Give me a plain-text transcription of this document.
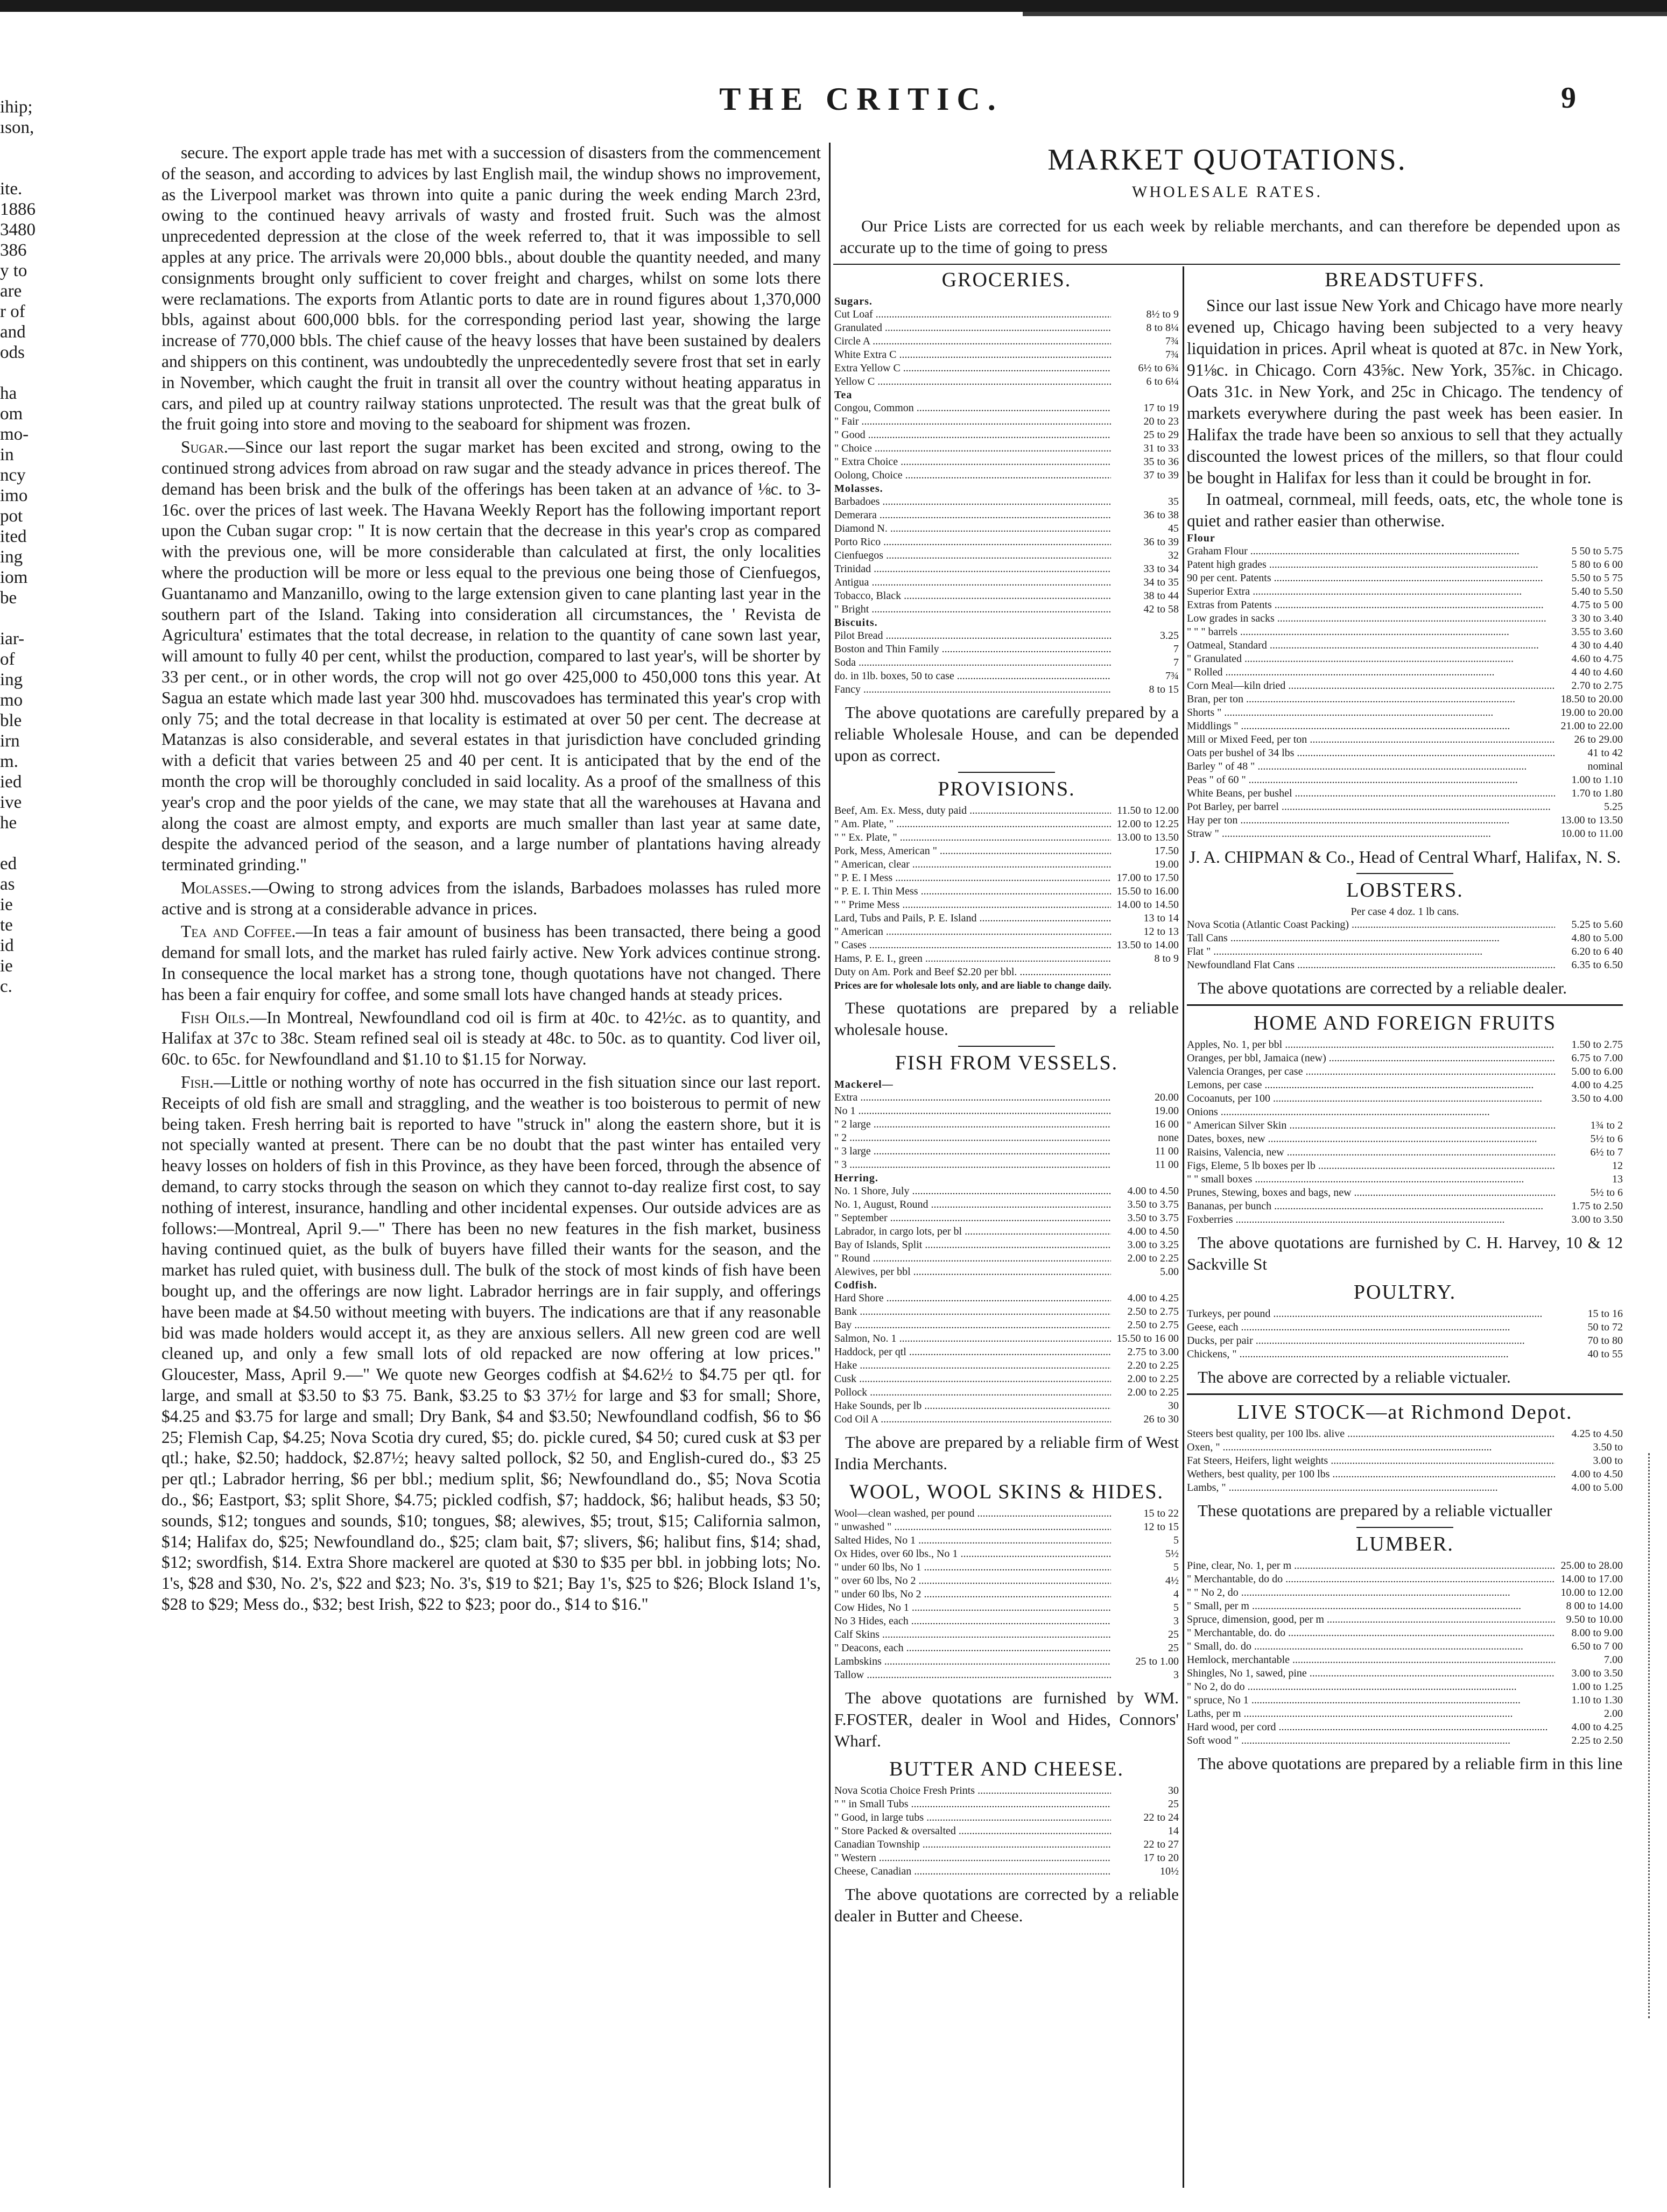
THE CRITIC.	9
ihip;
ıson,
ite.
1886
3480
386
y to
are
r of
and
ods
ha
om
mo-
in
ncy
imo
pot
ited
ing
iom
be
iar-
of
ing
mo
ble
irn
m.
ied
ive
he
ed
as
ie
te
id
ie
c.

secure. The export apple trade has met with a succession of disasters from the commencement of the season, and according to advices by last English mail, the windup shows no improvement, as the Liverpool market was thrown into quite a panic during the week ending March 23rd, owing to the continued heavy arrivals of wasty and frosted fruit. Such was the almost unprecedented depression at the close of the week referred to, that it was impossible to sell apples at any price. The arrivals were 20,000 bbls., about double the quantity needed, and many consignments brought only sufficient to cover freight and charges, whilst on some lots there were reclamations. The exports from Atlantic ports to date are in round figures about 1,370,000 bbls, against about 600,000 bbls. for the corresponding period last year, showing the large increase of 770,000 bbls. The chief cause of the heavy losses that have been sustained by dealers and shippers on this continent, was undoubtedly the unprecedentedly severe frost that set in early in November, which caught the fruit in transit all over the country without heating apparatus in cars, and piled up at country railway stations unprotected. The result was that the great bulk of the fruit going into store and moving to the seaboard for shipment was frozen.

Sugar.—Since our last report the sugar market has been excited and strong, owing to the continued strong advices from abroad on raw sugar and the steady advance in prices thereof. The demand has been brisk and the bulk of the offerings has been taken at an advance of ⅛c. to 3-16c. over the prices of last week. The Havana Weekly Report has the following important report upon the Cuban sugar crop: " It is now certain that the decrease in this year's crop as compared with the previous one, will be more considerable than calculated at first, the only localities where the production will be more or less equal to the previous one being those of Cienfuegos, Guantanamo and Manzanillo, owing to the large extension given to cane planting last year in the southern part of the Island. Taking into consideration all circumstances, the ' Revista de Agricultura' estimates that the total decrease, in relation to the quantity of cane sown last year, will amount to fully 40 per cent, whilst the production, compared to last year's, will be shorter by 33 per cent., or in other words, the crop will not go over 425,000 to 450,000 tons this year. At Sagua an estate which made last year 300 hhd. muscovadoes has terminated this year's crop with only 75; and the total decrease in that locality is estimated at over 50 per cent. The decrease at Matanzas is also considerable, and several estates in that jurisdiction have concluded grinding with a deficit that varies between 25 and 40 per cent. It is anticipated that by the end of the month the crop will be thoroughly concluded in said locality. As a proof of the smallness of this year's crop and the poor yields of the cane, we may state that all the warehouses at Havana and along the coast are almost empty, and exports are much smaller than last year at same date, despite the advanced period of the season, and a large number of plantations having already terminated grinding."

Molasses.—Owing to strong advices from the islands, Barbadoes molasses has ruled more active and is strong at a considerable advance in prices.

Tea and Coffee.—In teas a fair amount of business has been transacted, there being a good demand for small lots, and the market has ruled fairly active. New York advices continue strong. In consequence the local market has a strong tone, though quotations have not changed. There has been a fair enquiry for coffee, and some small lots have changed hands at steady prices.

Fish Oils.—In Montreal, Newfoundland cod oil is firm at 40c. to 42½c. as to quantity, and Halifax at 37c to 38c. Steam refined seal oil is steady at 48c. to 50c. as to quantity. Cod liver oil, 60c. to 65c. for Newfoundland and $1.10 to $1.15 for Norway.

Fish.—Little or nothing worthy of note has occurred in the fish situation since our last report. Receipts of old fish are small and straggling, and the weather is too boisterous to permit of new being taken. Fresh herring bait is reported to have "struck in" along the eastern shore, but it is not specially wanted at present. There can be no doubt that the past winter has entailed very heavy losses on holders of fish in this Province, as they have been forced, through the absence of demand, to carry stocks through the season on which they cannot to-day realize first cost, to say nothing of interest, insurance, handling and other incidental expenses. Our outside advices are as follows:—Montreal, April 9.—" There has been no new features in the fish market, business having continued quiet, as the bulk of buyers have filled their wants for the season, and the market has ruled quiet, with business dull. The bulk of the stock of most kinds of fish have been bought up, and the offerings are now light. Labrador herrings are in fair supply, and offerings have been made at $4.50 without meeting with buyers. The indications are that if any reasonable bid was made holders would accept it, as they are anxious sellers. All new green cod are well cleaned up, and only a few small lots of old repacked are now offering at low prices." Gloucester, Mass, April 9.—" We quote new Georges codfish at $4.62½ to $4.75 per qtl. for large, and small at $3.50 to $3 75. Bank, $3.25 to $3 37½ for large and $3 for small; Shore, $4.25 and $3.75 for large and small; Dry Bank, $4 and $3.50; Newfoundland codfish, $6 to $6 25; Flemish Cap, $4.25; Nova Scotia dry cured, $5; do. pickle cured, $4 50; cured cusk at $3 per qtl.; hake, $2.50; haddock, $2.87½; heavy salted pollock, $2 50, and English-cured do., $3 25 per qtl.; Labrador herring, $6 per bbl.; medium split, $6; Newfoundland do., $5; Nova Scotia do., $6; Eastport, $3; split Shore, $4.75; pickled codfish, $7; haddock, $6; halibut heads, $3 50; sounds, $12; tongues and sounds, $10; tongues, $8; alewives, $5; trout, $15; California salmon, $14; Halifax do, $25; Newfoundland do., $25; clam bait, $7; slivers, $6; halibut fins, $14; shad, $12; swordfish, $14. Extra Shore mackerel are quoted at $30 to $35 per bbl. in jobbing lots; No. 1's, $28 and $30, No. 2's, $22 and $23; No. 3's, $19 to $21; Bay 1's, $25 to $26; Block Island 1's, $28 to $29; Mess do., $32; best Irish, $22 to $23; poor do., $14 to $16."

MARKET QUOTATIONS.
WHOLESALE RATES.
Our Price Lists are corrected for us each week by reliable merchants, and can therefore be depended upon as accurate up to the time of going to press
GROCERIES.
Sugars.
Cut Loaf .....	8½ to 9
Granulated .....	8 to 8¼
Circle A .....	7¾
White Extra C .....	7¾
Extra Yellow C .....	6½ to 6¾
Yellow C .....	6 to 6¼
Tea
Congou, Common .....	17 to 19
" Fair .....	20 to 23
" Good .....	25 to 29
" Choice .....	31 to 33
" Extra Choice .....	35 to 36
Oolong, Choice .....	37 to 39
Molasses.
Barbadoes .....	35
Demerara .....	36 to 38
Diamond N. .....	45
Porto Rico .....	36 to 39
Cienfuegos .....	32
Trinidad .....	33 to 34
Antigua .....	34 to 35
Tobacco, Black .....	38 to 44
" Bright .....	42 to 58
Biscuits.
Pilot Bread .....	3.25
Boston and Thin Family .....	7
Soda .....	7
do. in 1lb. boxes, 50 to case .....	7¾
Fancy .....	8 to 15
The above quotations are carefully prepared by a reliable Wholesale House, and can be depended upon as correct.
PROVISIONS.
Beef, Am. Ex. Mess, duty paid .....	11.50 to 12.00
" Am. Plate, " .....	12.00 to 12.25
" " Ex. Plate, " .....	13.00 to 13.50
Pork, Mess, American " .....	17.50
" American, clear .....	19.00
" P. E. I Mess .....	17.00 to 17.50
" P. E. I. Thin Mess .....	15.50 to 16.00
" " Prime Mess .....	14.00 to 14.50
Lard, Tubs and Pails, P. E. Island .....	13 to 14
" American .....	12 to 13
" Cases .....	13.50 to 14.00
Hams, P. E. I., green .....	8 to 9
Duty on Am. Pork and Beef $2.20 per bbl. .....
Prices are for wholesale lots only, and are liable to change daily.
These quotations are prepared by a reliable wholesale house.
FISH FROM VESSELS.
Mackerel—
Extra .....	20.00
No 1 .....	19.00
" 2 large .....	16 00
" 2 .....	none
" 3 large .....	11 00
" 3 .....	11 00
Herring.
No. 1 Shore, July .....	4.00 to 4.50
No. 1, August, Round .....	3.50 to 3.75
" September .....	3.50 to 3.75
Labrador, in cargo lots, per bl .....	4.00 to 4.50
Bay of Islands, Split .....	3.00 to 3.25
" Round .....	2.00 to 2.25
Alewives, per bbl .....	5.00
Codfish.
Hard Shore .....	4.00 to 4.25
Bank .....	2.50 to 2.75
Bay .....	2.50 to 2.75
Salmon, No. 1 .....	15.50 to 16 00
Haddock, per qtl .....	2.75 to 3.00
Hake .....	2.20 to 2.25
Cusk .....	2.00 to 2.25
Pollock .....	2.00 to 2.25
Hake Sounds, per lb .....	30
Cod Oil A .....	26 to 30
The above are prepared by a reliable firm of West India Merchants.
WOOL, WOOL SKINS & HIDES.
Wool—clean washed, per pound .....	15 to 22
" unwashed " .....	12 to 15
Salted Hides, No 1 .....	5
Ox Hides, over 60 lbs., No 1 .....	5½
" under 60 lbs, No 1 .....	5
" over 60 lbs, No 2 .....	4½
" under 60 lbs, No 2 .....	4
Cow Hides, No 1 .....	5
No 3 Hides, each .....	3
Calf Skins .....	25
" Deacons, each .....	25
Lambskins .....	25 to 1.00
Tallow .....	3
The above quotations are furnished by WM. F.FOSTER, dealer in Wool and Hides, Connors' Wharf.
BUTTER AND CHEESE.
Nova Scotia Choice Fresh Prints .....	30
" " in Small Tubs .....	25
" Good, in large tubs .....	22 to 24
" Store Packed & oversalted .....	14
Canadian Township .....	22 to 27
" Western .....	17 to 20
Cheese, Canadian .....	10½
The above quotations are corrected by a reliable dealer in Butter and Cheese.
BREADSTUFFS.

Since our last issue New York and Chicago have more nearly evened up, Chicago having been subjected to a very heavy liquidation in prices. April wheat is quoted at 87c. in New York, 91⅛c. in Chicago. Corn 43⅝c. New York, 35⅞c. in Chicago. Oats 31c. in New York, and 25c in Chicago. The tendency of markets everywhere during the past week has been easier. In Halifax the trade have been so anxious to sell that they actually discounted the lowest prices of the millers, so that flour could be bought in Halifax for less than it could be brought in for.

In oatmeal, cornmeal, mill feeds, oats, etc, the whole tone is quiet and rather easier than otherwise.

Flour
Graham Flour .....	5 50 to 5.75
Patent high grades .....	5 80 to 6 00
90 per cent. Patents .....	5.50 to 5 75
Superior Extra .....	5.40 to 5.50
Extras from Patents .....	4.75 to 5 00
Low grades in sacks .....	3 30 to 3.40
" " " barrels .....	3.55 to 3.60
Oatmeal, Standard .....	4 30 to 4.40
" Granulated .....	4.60 to 4.75
" Rolled .....	4 40 to 4.60
Corn Meal—kiln dried .....	2.70 to 2.75
Bran, per ton .....	18.50 to 20.00
Shorts " .....	19.00 to 20.00
Middlings " .....	21.00 to 22.00
Mill or Mixed Feed, per ton .....	26 to 29.00
Oats per bushel of 34 lbs .....	41 to 42
Barley " of 48 " .....	nominal
Peas " of 60 " .....	1.00 to 1.10
White Beans, per bushel .....	1.70 to 1.80
Pot Barley, per barrel .....	5.25
Hay per ton .....	13.00 to 13.50
Straw " .....	10.00 to 11.00
J. A. CHIPMAN & Co., Head of Central Wharf, Halifax, N. S.
LOBSTERS.
Per case 4 doz. 1 lb cans.
Nova Scotia (Atlantic Coast Packing) .....	5.25 to 5.60
Tall Cans .....	4.80 to 5.00
Flat " .....	6.20 to 6 40
Newfoundland Flat Cans .....	6.35 to 6.50
The above quotations are corrected by a reliable dealer.
HOME AND FOREIGN FRUITS
Apples, No. 1, per bbl .....	1.50 to 2.75
Oranges, per bbl, Jamaica (new) .....	6.75 to 7.00
Valencia Oranges, per case .....	5.00 to 6.00
Lemons, per case .....	4.00 to 4.25
Cocoanuts, per 100 .....	3.50 to 4.00
Onions .....
" American Silver Skin .....	1¾ to 2
Dates, boxes, new .....	5½ to 6
Raisins, Valencia, new .....	6½ to 7
Figs, Eleme, 5 lb boxes per lb .....	12
" " small boxes .....	13
Prunes, Stewing, boxes and bags, new .....	5½ to 6
Bananas, per bunch .....	1.75 to 2.50
Foxberries .....	3.00 to 3.50
The above quotations are furnished by C. H. Harvey, 10 & 12 Sackville St
POULTRY.
Turkeys, per pound .....	15 to 16
Geese, each .....	50 to 72
Ducks, per pair .....	70 to 80
Chickens, " .....	40 to 55
The above are corrected by a reliable victualer.
LIVE STOCK—at Richmond Depot.
Steers best quality, per 100 lbs. alive .....	4.25 to 4.50
Oxen, " .....	3.50 to
Fat Steers, Heifers, light weights .....	3.00 to
Wethers, best quality, per 100 lbs .....	4.00 to 4.50
Lambs, " .....	4.00 to 5.00
These quotations are prepared by a reliable victualler
LUMBER.
Pine, clear, No. 1, per m .....	25.00 to 28.00
" Merchantable, do do .....	14.00 to 17.00
" " No 2, do .....	10.00 to 12.00
" Small, per m .....	8 00 to 14.00
Spruce, dimension, good, per m .....	9.50 to 10.00
" Merchantable, do. do .....	8.00 to 9.00
" Small, do. do .....	6.50 to 7 00
Hemlock, merchantable .....	7.00
Shingles, No 1, sawed, pine .....	3.00 to 3.50
" No 2, do do .....	1.00 to 1.25
" spruce, No 1 .....	1.10 to 1.30
Laths, per m .....	2.00
Hard wood, per cord .....	4.00 to 4.25
Soft wood " .....	2.25 to 2.50
The above quotations are prepared by a reliable firm in this line
